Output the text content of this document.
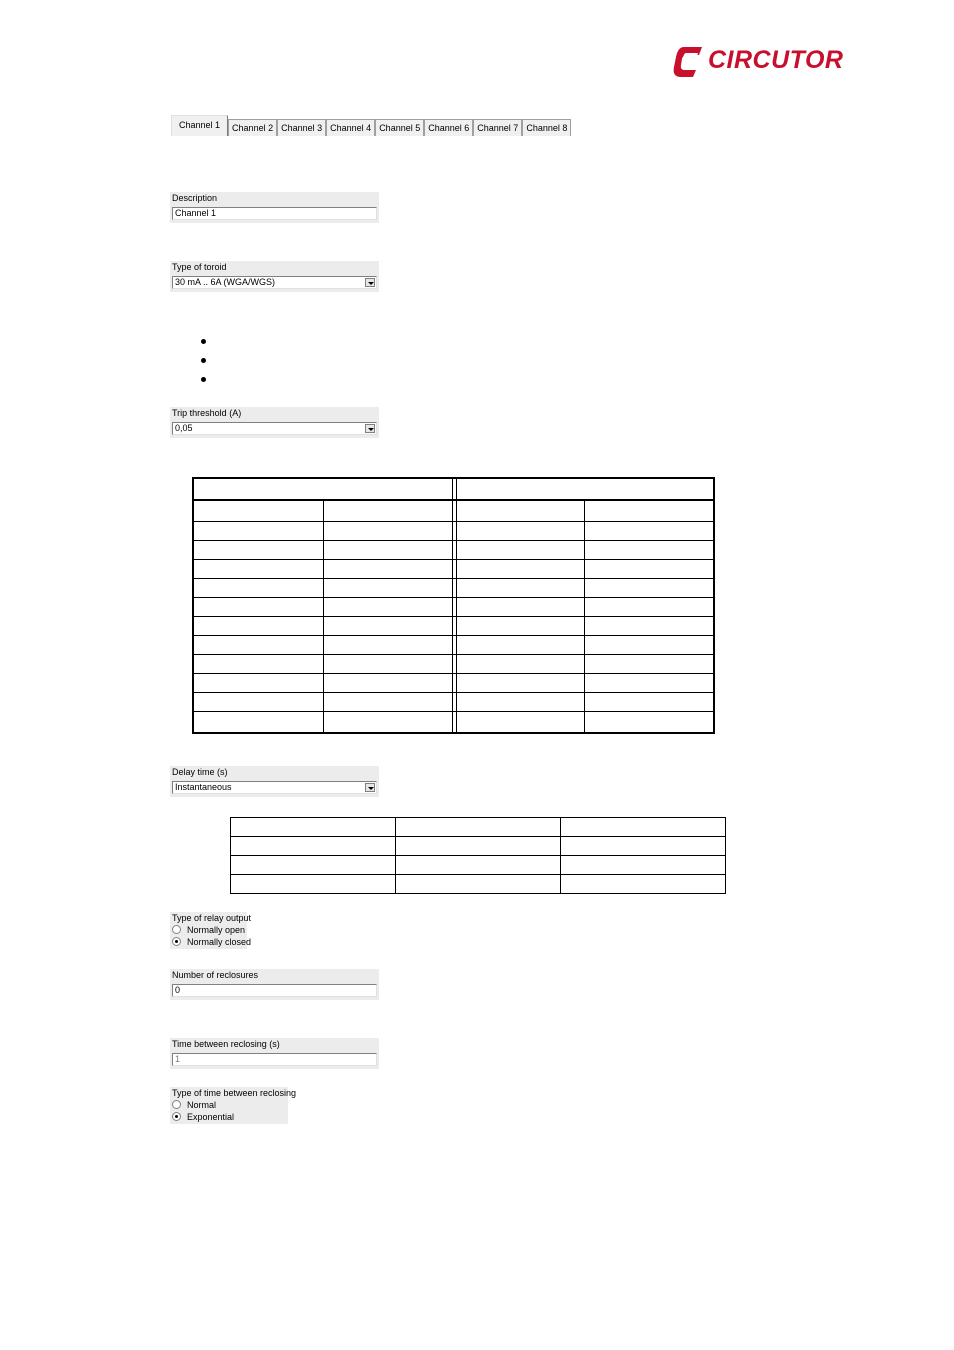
CIRCUTOR
Channel 1	Channel 2 Channel 3 Channel 4 Channel 5 Channel 6 Channel 7 Channel 8
Description
Channel 1
Type of toroid
30 mA .. 6A (WGA/WGS)
Trip threshold (A)
0,05
Delay time (s)
Instantaneous

Type of relay output
Normally open
Normally closed
Number of reclosures
0
Time between reclosing (s)
1
Type of time between reclosing
Normal
Exponential
